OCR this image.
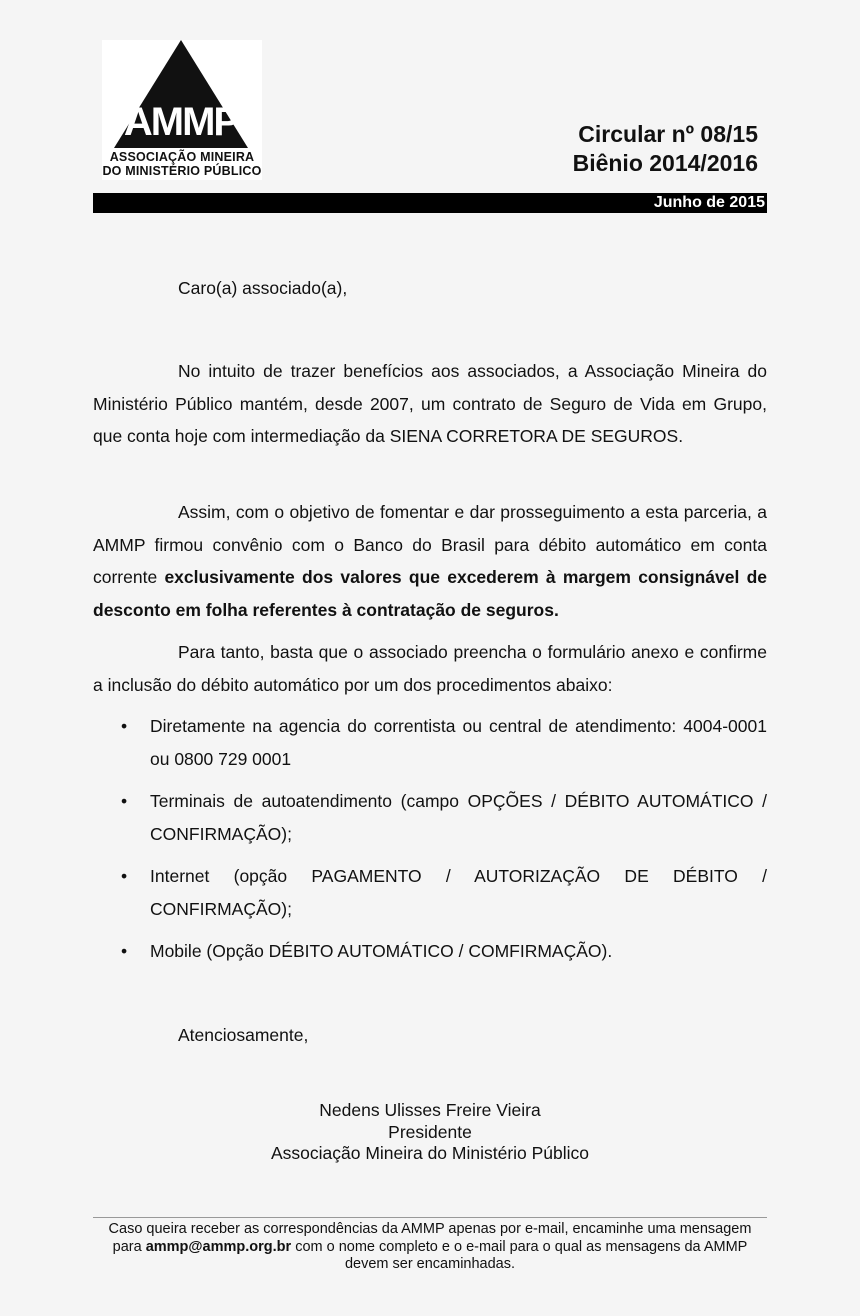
AMMP
ASSOCIAÇÃO MINEIRA
DO MINISTÉRIO PÚBLICO
Circular nº 08/15
Biênio 2014/2016
Junho de 2015
Caro(a) associado(a),

No intuito de trazer benefícios aos associados, a Associação Mineira do Ministério Público mantém, desde 2007, um contrato de Seguro de Vida em Grupo, que conta hoje com intermediação da SIENA CORRETORA DE SEGUROS.

Assim, com o objetivo de fomentar e dar prosseguimento a esta parceria, a AMMP firmou convênio com o Banco do Brasil para débito automático em conta corrente exclusivamente dos valores que excederem à margem consignável de desconto em folha referentes à contratação de seguros.

Para tanto, basta que o associado preencha o formulário anexo e confirme a inclusão do débito automático por um dos procedimentos abaixo:

• Diretamente na agencia do correntista ou central de atendimento: 4004-0001 ou 0800 729 0001
• Terminais de autoatendimento (campo OPÇÕES / DÉBITO AUTOMÁTICO / CONFIRMAÇÃO);
• Internet (opção PAGAMENTO / AUTORIZAÇÃO DE DÉBITO / CONFIRMAÇÃO);
• Mobile (Opção DÉBITO AUTOMÁTICO / COMFIRMAÇÃO).
Atenciosamente,
Nedens Ulisses Freire Vieira
Presidente
Associação Mineira do Ministério Público
Caso queira receber as correspondências da AMMP apenas por e-mail, encaminhe uma mensagem para ammp@ammp.org.br com o nome completo e o e-mail para o qual as mensagens da AMMP devem ser encaminhadas.
